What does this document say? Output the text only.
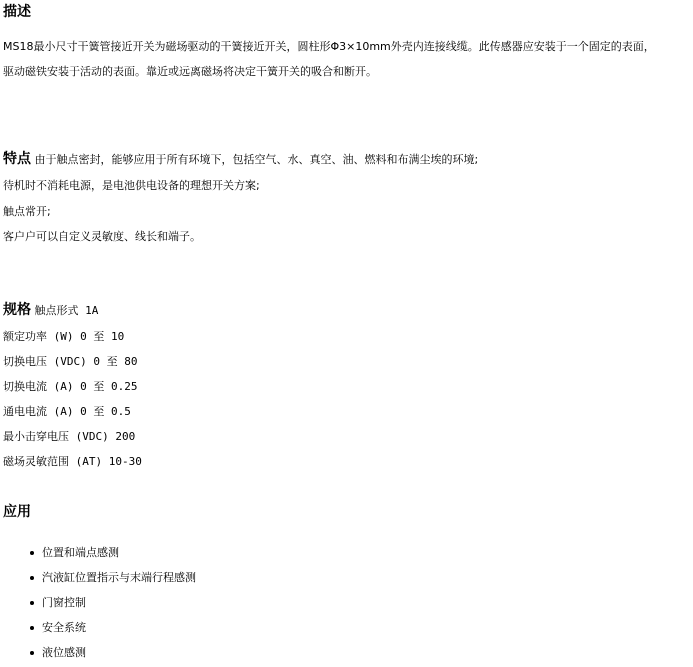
描述

MS18最小尺寸干簧管接近开关为磁场驱动的干簧接近开关，圆柱形Φ3×10mm外壳内连接线缆。此传感器应安装于一个固定的表面，

驱动磁铁安装于活动的表面。靠近或远离磁场将决定干簧开关的吸合和断开。

特点 由于触点密封，能够应用于所有环境下，包括空气、水、真空、油、燃料和布满尘埃的环境;

待机时不消耗电源，是电池供电设备的理想开关方案;

触点常开;

客户户可以自定义灵敏度、线长和端子。

规格 触点形式 1A

额定功率 (W) 0 至 10

切换电压 (VDC) 0 至 80

切换电流 (A) 0 至 0.25

通电电流 (A) 0 至 0.5

最小击穿电压 (VDC) 200

磁场灵敏范围 (AT) 10-30

应用
位置和端点感测
汽液缸位置指示与末端行程感测
门窗控制
安全系统
液位感测
